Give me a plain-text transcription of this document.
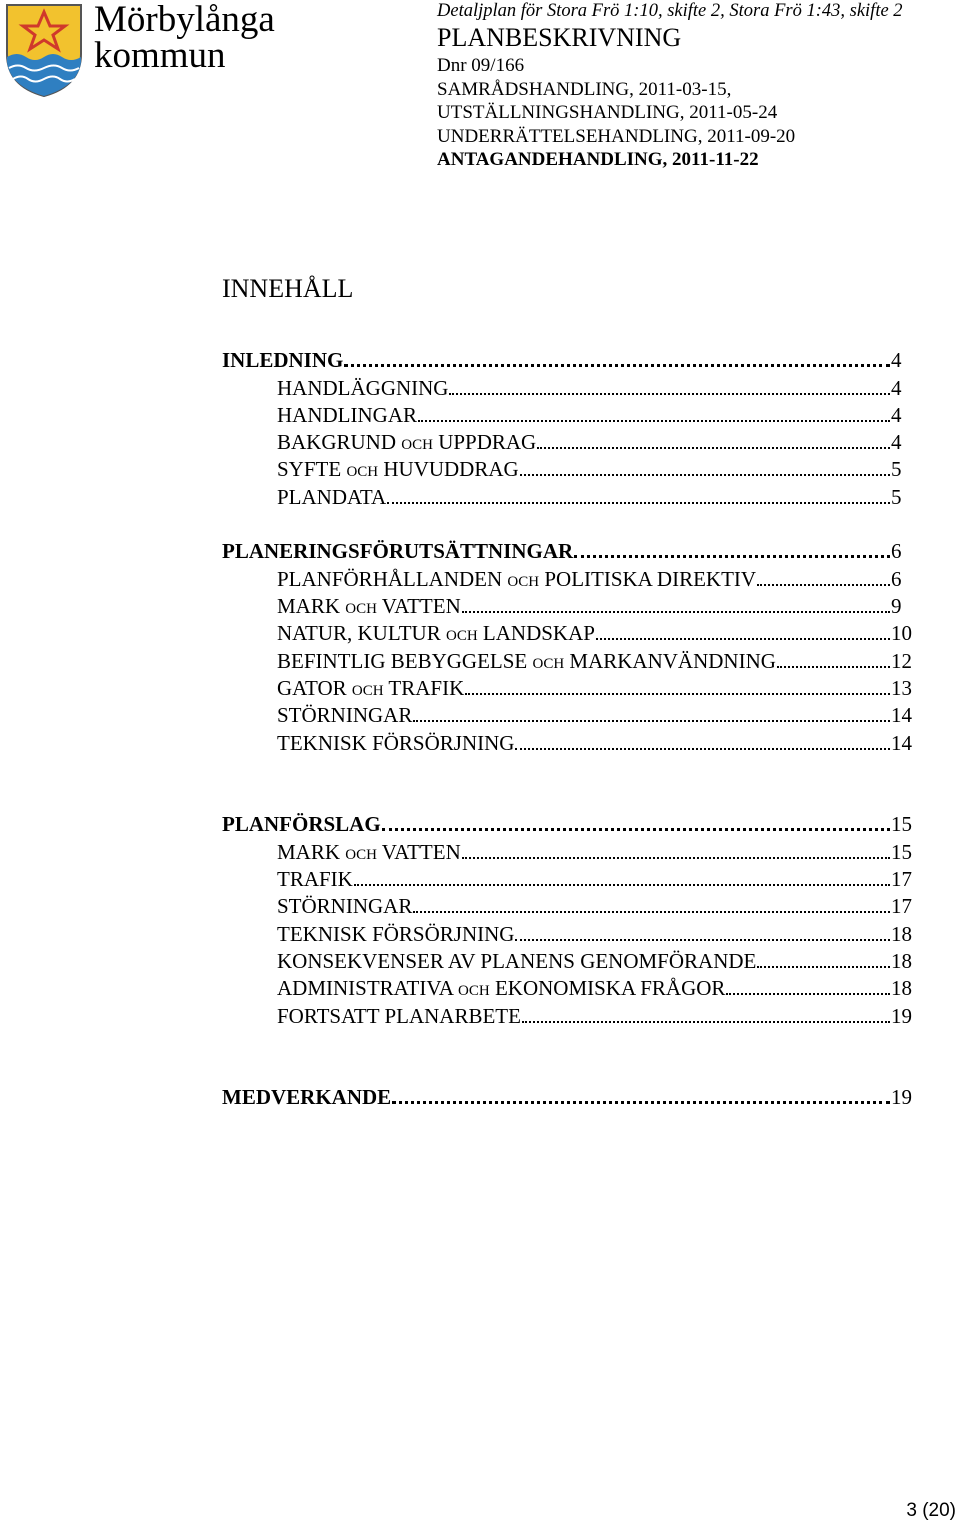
Mörbylånga
kommun
Detaljplan för Stora Frö 1:10, skifte 2, Stora Frö 1:43, skifte 2
PLANBESKRIVNING
Dnr 09/166
SAMRÅDSHANDLING, 2011-03-15,
UTSTÄLLNINGSHANDLING, 2011-05-24
UNDERRÄTTELSEHANDLING, 2011-09-20
ANTAGANDEHANDLING, 2011-11-22
INNEHÅLL
INLEDNING	4
HANDLÄGGNING	4
HANDLINGAR	4
BAKGRUND OCH UPPDRAG	4
SYFTE OCH HUVUDDRAG	5
PLANDATA	5
PLANERINGSFÖRUTSÄTTNINGAR	6
PLANFÖRHÅLLANDEN OCH POLITISKA DIREKTIV	6
MARK OCH VATTEN	9
NATUR, KULTUR OCH LANDSKAP	10
BEFINTLIG BEBYGGELSE OCH MARKANVÄNDNING	12
GATOR OCH TRAFIK	13
STÖRNINGAR	14
TEKNISK FÖRSÖRJNING	14
PLANFÖRSLAG	15
MARK OCH VATTEN	15
TRAFIK	17
STÖRNINGAR	17
TEKNISK FÖRSÖRJNING	18
KONSEKVENSER AV PLANENS GENOMFÖRANDE	18
ADMINISTRATIVA OCH EKONOMISKA FRÅGOR	18
FORTSATT PLANARBETE	19
MEDVERKANDE	19
3 (20)
